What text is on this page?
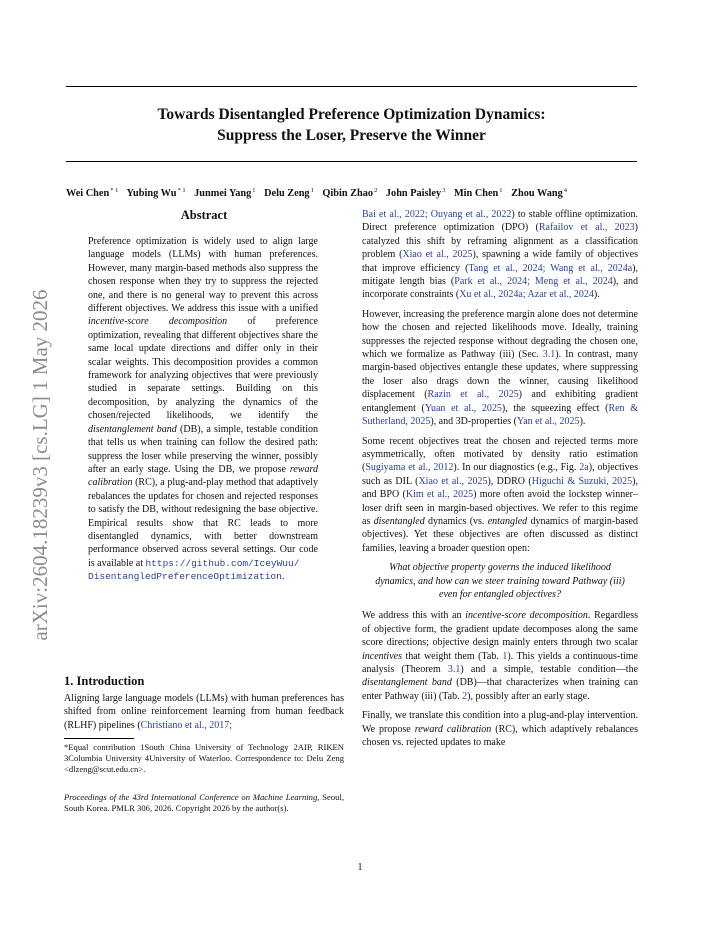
arXiv:2604.18239v3 [cs.LG] 1 May 2026
Towards Disentangled Preference Optimization Dynamics:
Suppress the Loser, Preserve the Winner
Wei Chen$^{* 1}$ Yubing Wu$^{* 1}$ Junmei Yang$^1$ Delu Zeng$^1$ Qibin Zhao$^2$ John Paisley$^3$ Min Chen$^1$ Zhou Wang$^4$
Abstract
Preference optimization is widely used to align large language models (LLMs) with human preferences. However, many margin-based methods also suppress the chosen response when they try to suppress the rejected one, and there is no general way to prevent this across different objectives. We address this issue with a unified incentive-score decomposition of preference optimization, revealing that different objectives share the same local update directions and differ only in their scalar weights. This decomposition provides a common framework for analyzing objectives that were previously studied in separate settings. Building on this decomposition, by analyzing the dynamics of the chosen/rejected likelihoods, we identify the disentanglement band (DB), a simple, testable condition that tells us when training can follow the desired path: suppress the loser while preserving the winner, possibly after an early stage. Using the DB, we propose reward calibration (RC), a plug-and-play method that adaptively rebalances the updates for chosen and rejected responses to satisfy the DB, without redesigning the base objective. Empirical results show that RC leads to more disentangled dynamics, with better downstream performance observed across several settings. Our code is available at https://github.com/IceyWuu/
DisentangledPreferenceOptimization.
1. Introduction
Aligning large language models (LLMs) with human preferences has shifted from online reinforcement learning from human feedback (RLHF) pipelines (Christiano et al., 2017;
*Equal contribution 1South China University of Technology 2AIP, RIKEN 3Columbia University 4University of Waterloo. Correspondence to: Delu Zeng <dlzeng@scut.edu.cn>.
Proceedings of the 43rd International Conference on Machine Learning, Seoul, South Korea. PMLR 306, 2026. Copyright 2026 by the author(s).

Bai et al., 2022; Ouyang et al., 2022) to stable offline optimization. Direct preference optimization (DPO) (Rafailov et al., 2023) catalyzed this shift by reframing alignment as a classification problem (Xiao et al., 2025), spawning a wide family of objectives that improve efficiency (Tang et al., 2024; Wang et al., 2024a), mitigate length bias (Park et al., 2024; Meng et al., 2024), and incorporate constraints (Xu et al., 2024a; Azar et al., 2024).

However, increasing the preference margin alone does not determine how the chosen and rejected likelihoods move. Ideally, training suppresses the rejected response without degrading the chosen one, which we formalize as Pathway (iii) (Sec. 3.1). In contrast, many margin-based objectives entangle these updates, where suppressing the loser also drags down the winner, causing likelihood displacement (Razin et al., 2025) and exhibiting gradient entanglement (Yuan et al., 2025), the squeezing effect (Ren & Sutherland, 2025), and 3D-properties (Yan et al., 2025).

Some recent objectives treat the chosen and rejected terms more asymmetrically, often motivated by density ratio estimation (Sugiyama et al., 2012). In our diagnostics (e.g., Fig. 2a), objectives such as DIL (Xiao et al., 2025), DDRO (Higuchi & Suzuki, 2025), and BPO (Kim et al., 2025) more often avoid the lockstep winner–loser drift seen in margin-based objectives. We refer to this regime as disentangled dynamics (vs. entangled dynamics of margin-based objectives). Yet these objectives are often discussed as distinct families, leaving a broader question open:

What objective property governs the induced likelihood dynamics, and how can we steer training toward Pathway (iii) even for entangled objectives?

We address this with an incentive-score decomposition. Regardless of objective form, the gradient update decomposes along the same score directions; objective design mainly enters through two scalar incentives that weight them (Tab. 1). This yields a continuous-time analysis (Theorem 3.1) and a simple, testable condition—the disentanglement band (DB)—that characterizes when training can enter Pathway (iii) (Tab. 2), possibly after an early stage.

Finally, we translate this condition into a plug-and-play intervention. We propose reward calibration (RC), which adaptively rebalances chosen vs. rejected updates to make

1
